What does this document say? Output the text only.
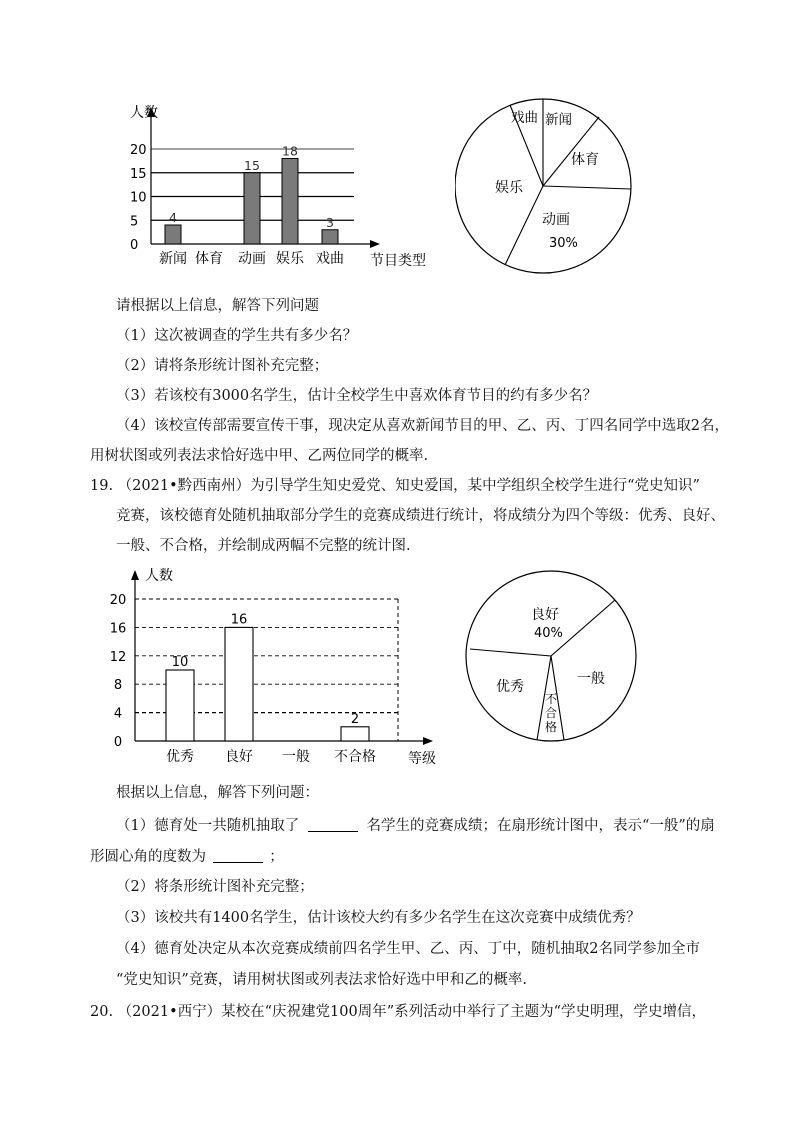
人数
节目类型
0
5
10
15
20
4
15
18
3
新闻 体育 动画 娱乐 戏曲
戏曲 新闻
体育
动画
30%
娱乐
请根据以上信息，解答下列问题
（1）这次被调查的学生共有多少名？
（2）请将条形统计图补充完整；
（3）若该校有3000名学生，估计全校学生中喜欢体育节目的约有多少名？
（4）该校宣传部需要宣传干事，现决定从喜欢新闻节目的甲、乙、丙、丁四名同学中选取2名，
用树状图或列表法求恰好选中甲、乙两位同学的概率.
19. （2021•黔西南州）为引导学生知史爱党、知史爱国，某中学组织全校学生进行“党史知识”
竞赛，该校德育处随机抽取部分学生的竞赛成绩进行统计，将成绩分为四个等级：优秀、良好、
一般、不合格，并绘制成两幅不完整的统计图.
人数
等级
0
4
8
12
16
20
10
16
2
优秀 良好 一般 不合格
良好
40%
一般
优秀
不
合
格
根据以上信息，解答下列问题：
（1）德育处一共随机抽取了	名学生的竞赛成绩；在扇形统计图中，表示“一般”的扇
形圆心角的度数为	；
（2）将条形统计图补充完整；
（3）该校共有1400名学生，估计该校大约有多少名学生在这次竞赛中成绩优秀？
（4）德育处决定从本次竞赛成绩前四名学生甲、乙、丙、丁中，随机抽取2名同学参加全市
“党史知识”竞赛，请用树状图或列表法求恰好选中甲和乙的概率.
20. （2021•西宁）某校在“庆祝建党100周年”系列活动中举行了主题为“学史明理，学史增信，
